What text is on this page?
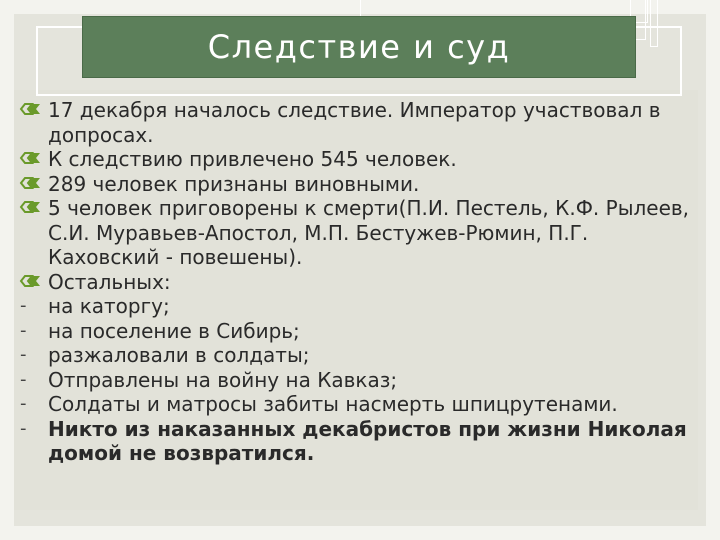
Следствие и суд
17 декабря началось следствие. Император участвовал в допросах.
К следствию привлечено 545 человек.
289 человек признаны виновными.
5 человек приговорены к смерти(П.И. Пестель, К.Ф. Рылеев, С.И. Муравьев-Апостол, М.П. Бестужев-Рюмин, П.Г. Каховский - повешены).
Остальных:
- на каторгу;
- на поселение в Сибирь;
- разжаловали в солдаты;
- Отправлены на войну на Кавказ;
- Солдаты и матросы забиты насмерть шпицрутенами.
- Никто из наказанных декабристов при жизни Николая домой не возвратился.
